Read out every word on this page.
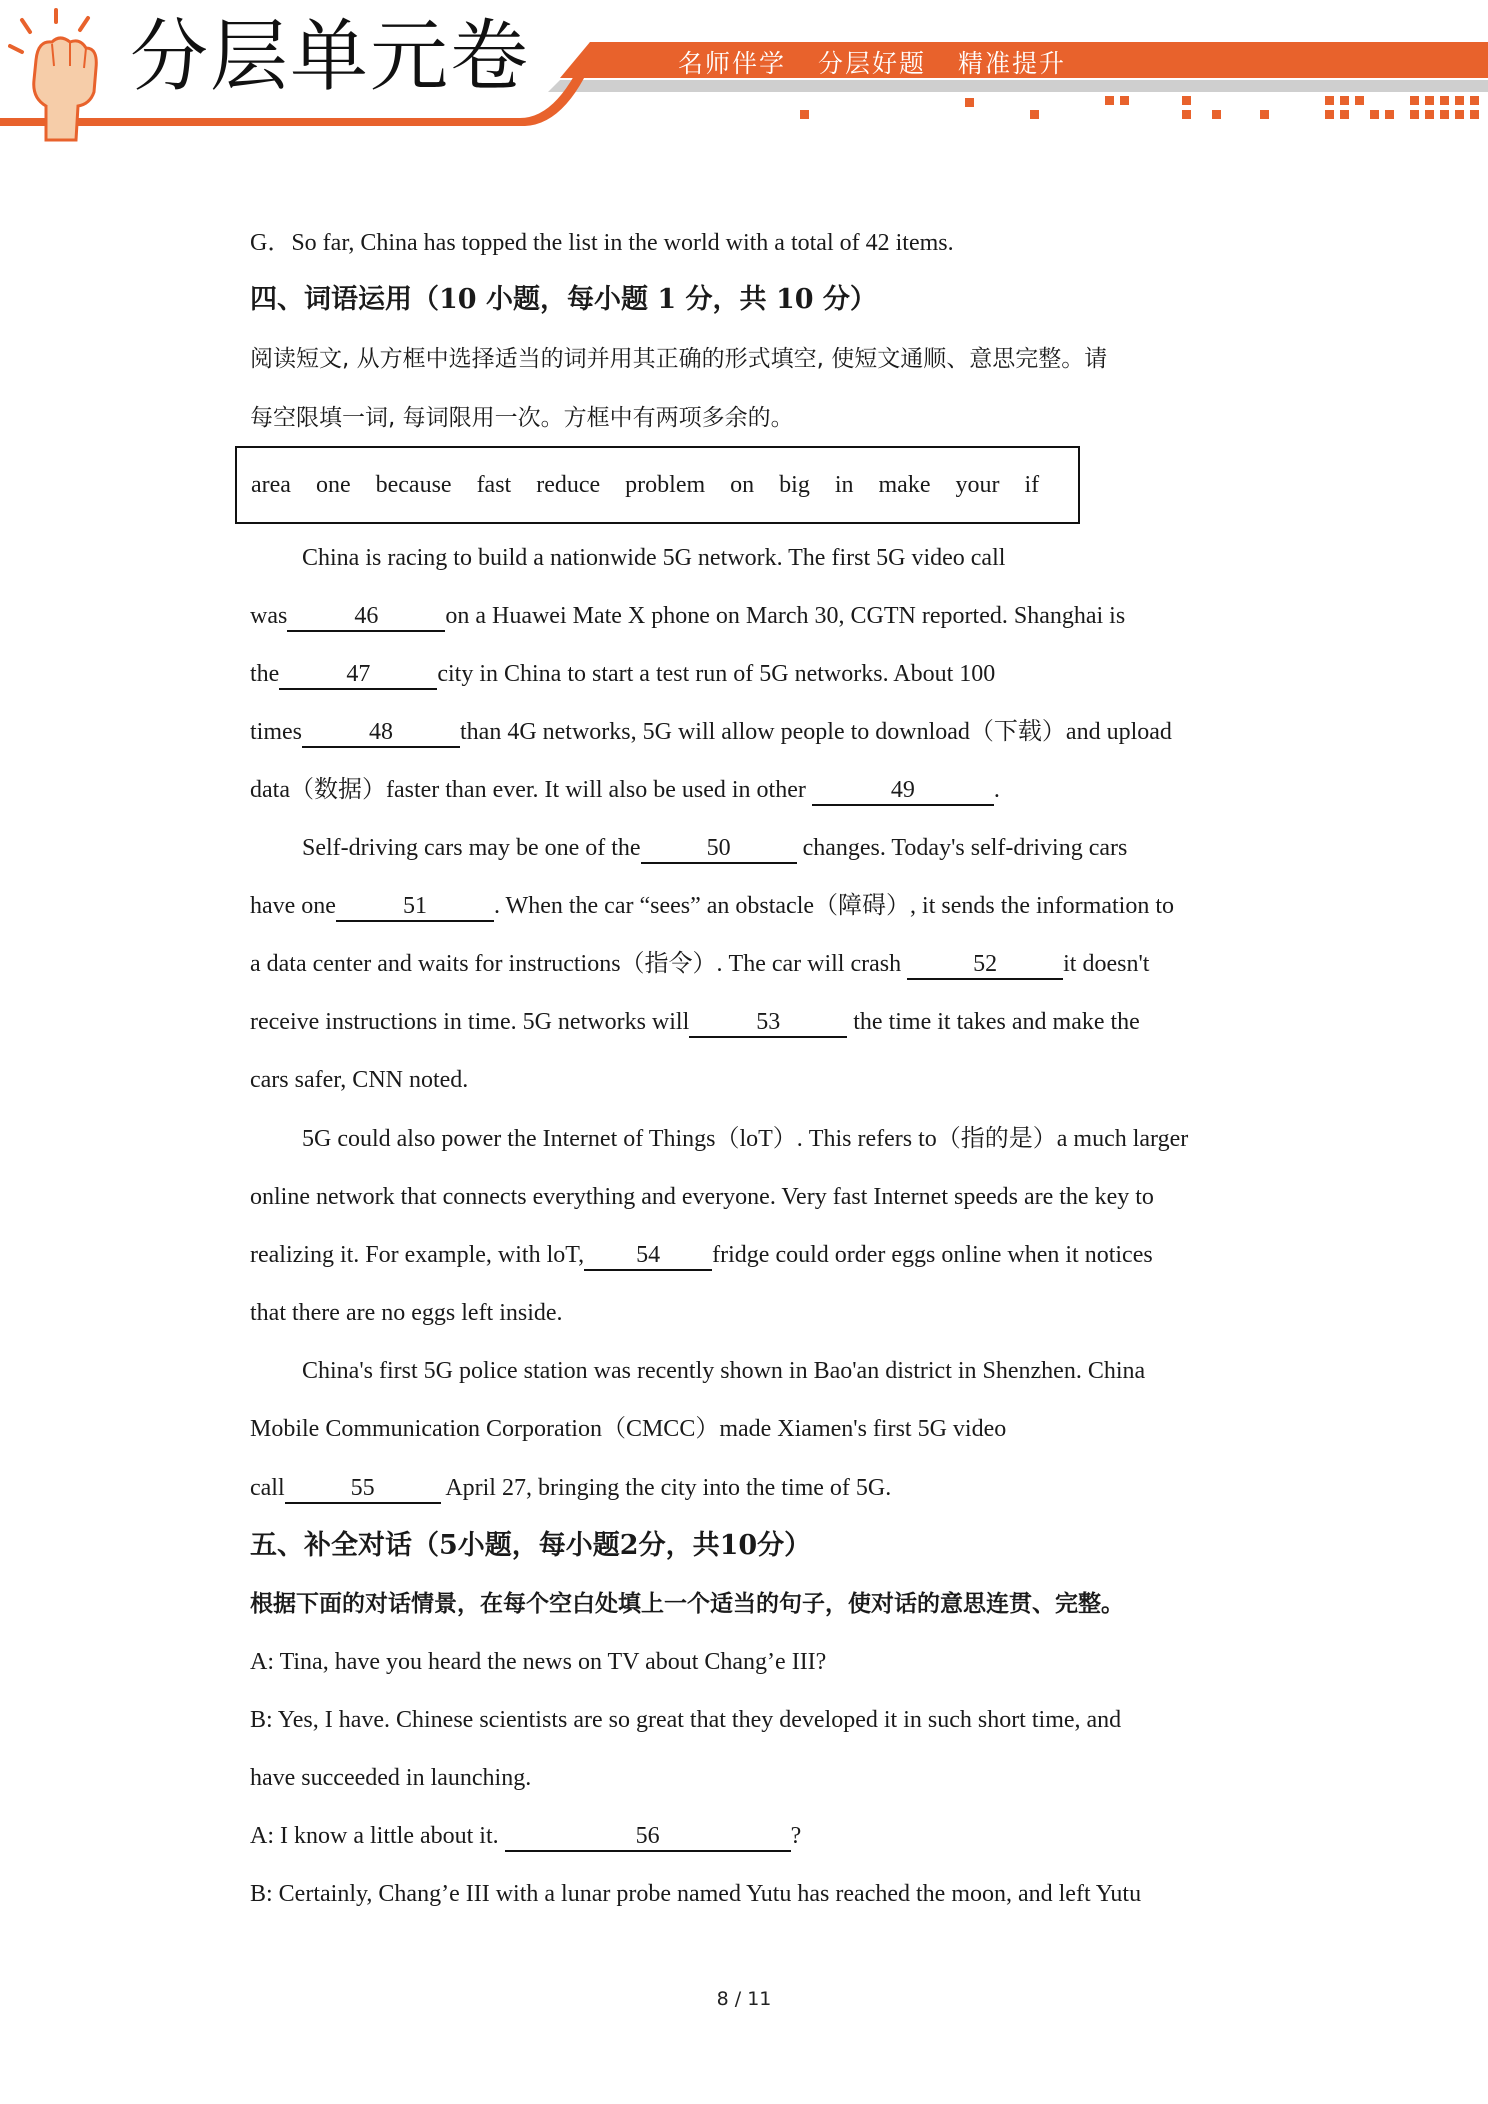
分层单元卷	名师伴学 分层好题 精准提升
G．So far, China has topped the list in the world with a total of 42 items.
四、词语运用（10 小题，每小题 1 分，共 10 分）
阅读短文, 从方框中选择适当的词并用其正确的形式填空, 使短文通顺、意思完整。请
每空限填一词, 每词限用一次。方框中有两项多余的。
area one because fast reduce problem on big in make your if
China is racing to build a nationwide 5G network. The first 5G video call
was	46	on a Huawei Mate X phone on March 30, CGTN reported. Shanghai is
the	47	city in China to start a test run of 5G networks. About 100
times	48	than 4G networks, 5G will allow people to download（下载）and upload
data（数据）faster than ever. It will also be used in other	49	.
Self-driving cars may be one of the	50	changes. Today's self-driving cars
have one	51	. When the car “sees” an obstacle（障碍）, it sends the information to
a data center and waits for instructions（指令）. The car will crash	52	it doesn't
receive instructions in time. 5G networks will	53	the time it takes and make the
cars safer, CNN noted.
5G could also power the Internet of Things（loT）. This refers to（指的是）a much larger
online network that connects everything and everyone. Very fast Internet speeds are the key to
realizing it. For example, with loT, 54 fridge could order eggs online when it notices
that there are no eggs left inside.
China's first 5G police station was recently shown in Bao'an district in Shenzhen. China
Mobile Communication Corporation（CMCC）made Xiamen's first 5G video
call	55	April 27, bringing the city into the time of 5G.
五、补全对话（5小题，每小题2分，共10分）
根据下面的对话情景，在每个空白处填上一个适当的句子，使对话的意思连贯、完整。
A: Tina, have you heard the news on TV about Chang’e III?
B: Yes, I have. Chinese scientists are so great that they developed it in such short time, and
have succeeded in launching.
A: I know a little about it.	56	?
B: Certainly, Chang’e III with a lunar probe named Yutu has reached the moon, and left Yutu
8 / 11
